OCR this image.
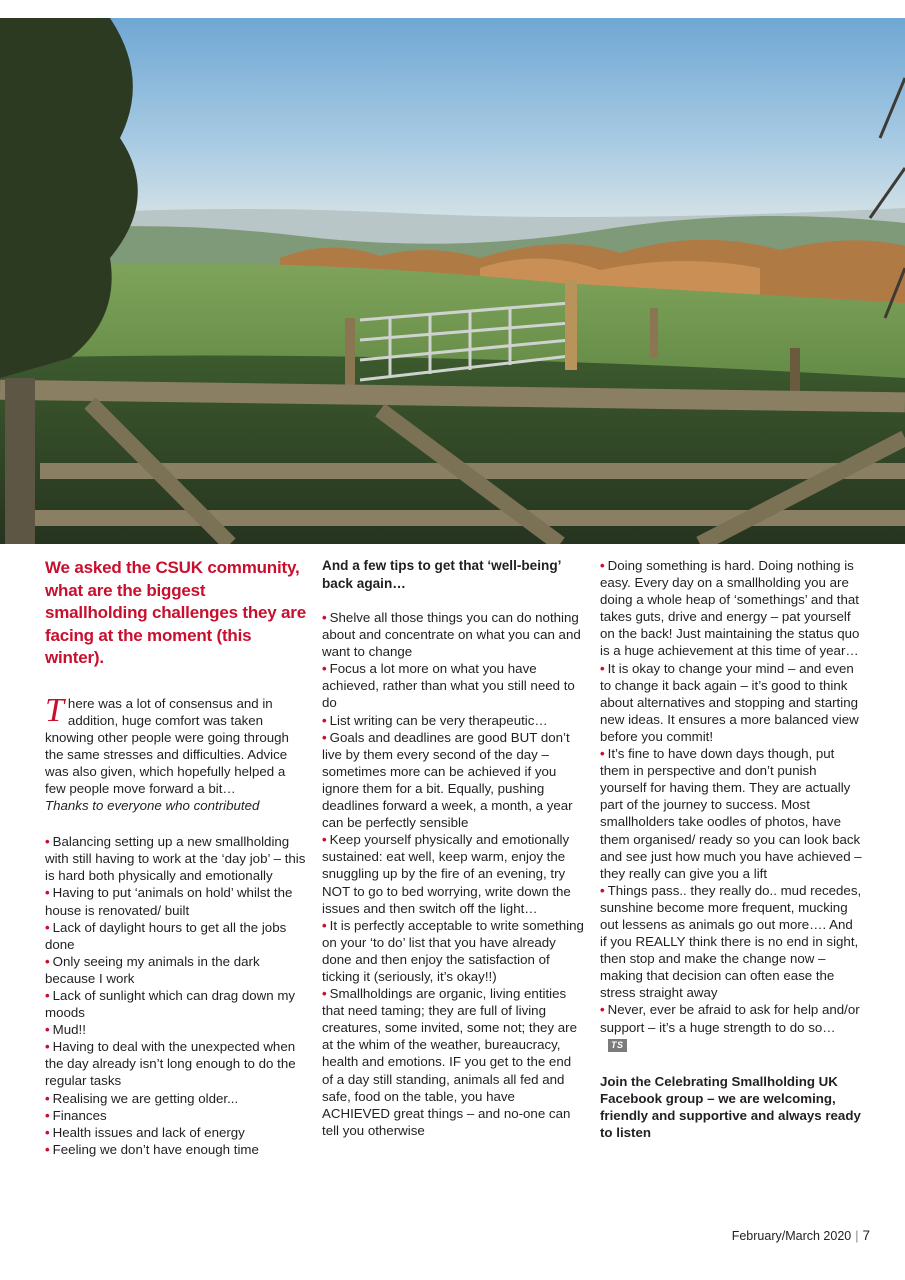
We asked the CSUK community, what are the biggest smallholding challenges they are facing at the moment (this winter).

There was a lot of consensus and in addition, huge comfort was taken knowing other people were going through the same stresses and difficulties. Advice was also given, which hopefully helped a few people move forward a bit…

Thanks to everyone who contributed

• Balancing setting up a new smallholding with still having to work at the ‘day job’ – this is hard both physically and emotionally
• Having to put ‘animals on hold’ whilst the house is renovated/ built
• Lack of daylight hours to get all the jobs done
• Only seeing my animals in the dark because I work
• Lack of sunlight which can drag down my moods
• Mud!!
• Having to deal with the unexpected when the day already isn’t long enough to do the regular tasks
• Realising we are getting older...
• Finances
• Health issues and lack of energy
• Feeling we don’t have enough time
And a few tips to get that ‘well-being’ back again…
• Shelve all those things you can do nothing about and concentrate on what you can and want to change
• Focus a lot more on what you have achieved, rather than what you still need to do
• List writing can be very therapeutic…
• Goals and deadlines are good BUT don’t live by them every second of the day – sometimes more can be achieved if you ignore them for a bit. Equally, pushing deadlines forward a week, a month, a year can be perfectly sensible
• Keep yourself physically and emotionally sustained: eat well, keep warm, enjoy the snuggling up by the fire of an evening, try NOT to go to bed worrying, write down the issues and then switch off the light…
• It is perfectly acceptable to write something on your ‘to do’ list that you have already done and then enjoy the satisfaction of ticking it (seriously, it’s okay!!)
• Smallholdings are organic, living entities that need taming; they are full of living creatures, some invited, some not; they are at the whim of the weather, bureaucracy, health and emotions. IF you get to the end of a day still standing, animals all fed and safe, food on the table, you have ACHIEVED great things – and no-one can tell you otherwise
• Doing something is hard. Doing nothing is easy. Every day on a smallholding you are doing a whole heap of ‘somethings’ and that takes guts, drive and energy – pat yourself on the back! Just maintaining the status quo is a huge achievement at this time of year…
• It is okay to change your mind – and even to change it back again – it’s good to think about alternatives and stopping and starting new ideas. It ensures a more balanced view before you commit!
• It’s fine to have down days though, put them in perspective and don’t punish yourself for having them. They are actually part of the journey to success. Most smallholders take oodles of photos, have them organised/ ready so you can look back and see just how much you have achieved – they really can give you a lift
• Things pass.. they really do.. mud recedes, sunshine become more frequent, mucking out lessens as animals go out more…. And if you REALLY think there is no end in sight, then stop and make the change now – making that decision can often ease the stress straight away
• Never, ever be afraid to ask for help and/or support – it’s a huge strength to do so…TS

Join the Celebrating Smallholding UK Facebook group – we are welcoming, friendly and supportive and always ready to listen

February/March 2020 | 7
